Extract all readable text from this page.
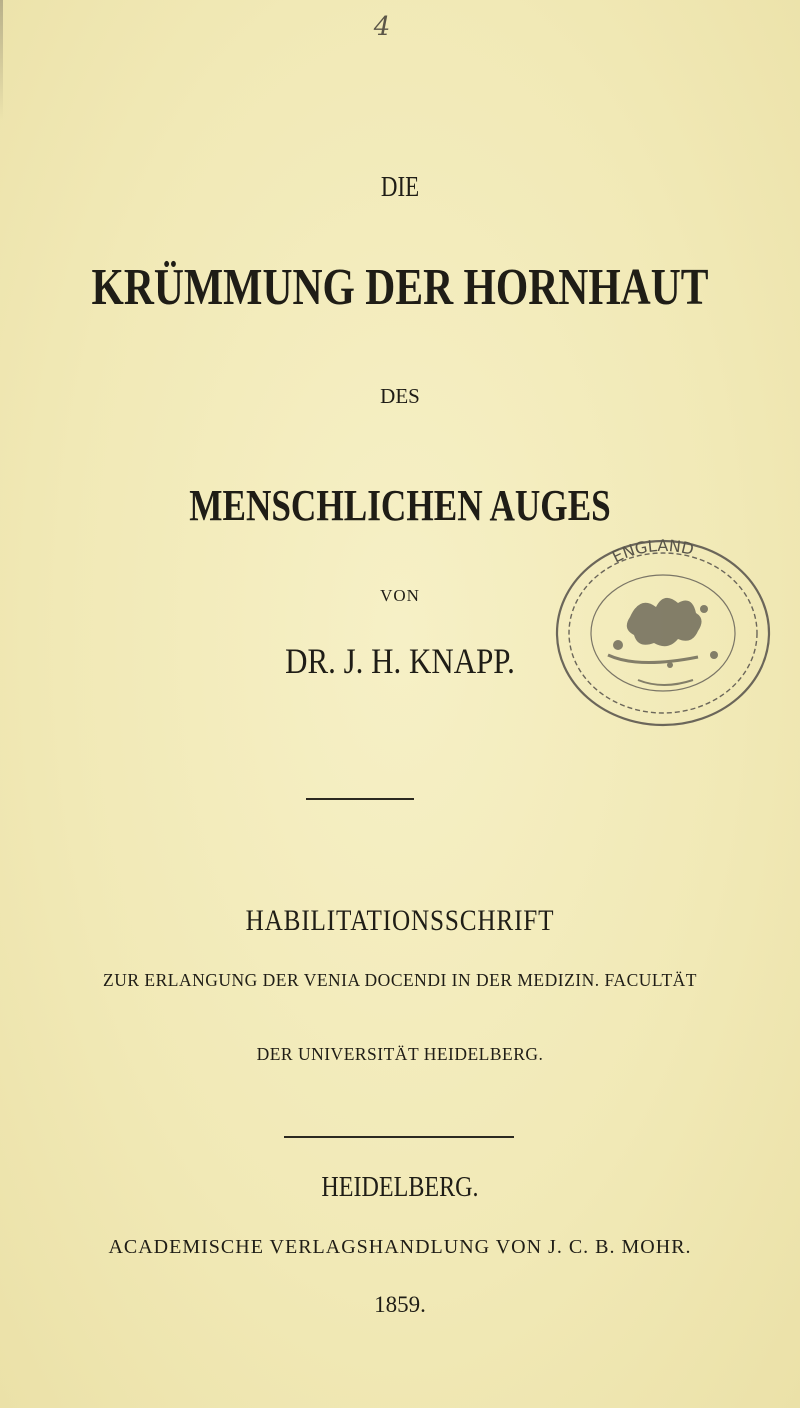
4
DIE
KRÜMMUNG DER HORNHAUT
DES
MENSCHLICHEN AUGES
VON
DR. J. H. KNAPP.
ENGLAND
HABILITATIONSSCHRIFT
ZUR ERLANGUNG DER VENIA DOCENDI IN DER MEDIZIN. FACULTÄT
DER UNIVERSITÄT HEIDELBERG.
HEIDELBERG.
ACADEMISCHE VERLAGSHANDLUNG VON J. C. B. MOHR.
1859.
